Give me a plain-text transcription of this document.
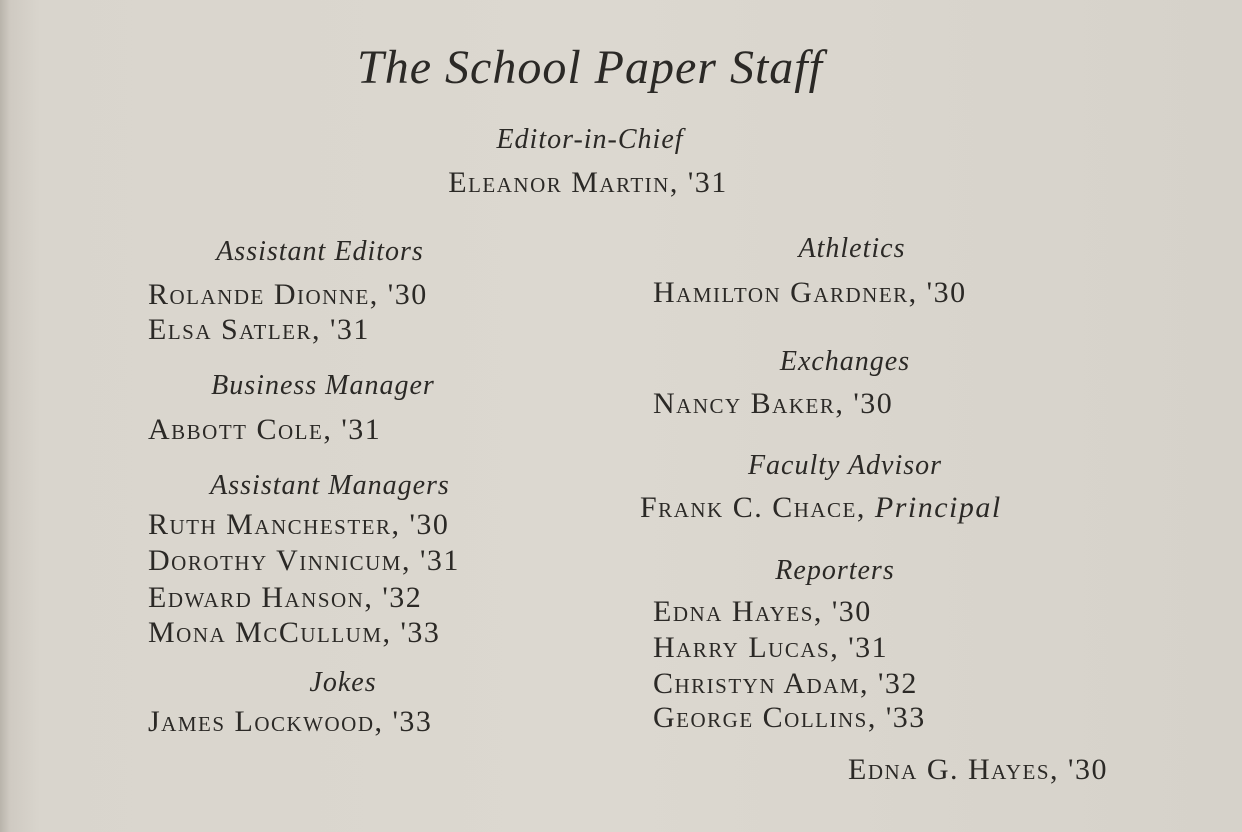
The School Paper Staff
Editor-in-Chief
Eleanor Martin, '31
Assistant Editors
Rolande Dionne, '30
Elsa Satler, '31
Business Manager
Abbott Cole, '31
Assistant Managers
Ruth Manchester, '30
Dorothy Vinnicum, '31
Edward Hanson, '32
Mona McCullum, '33
Jokes
James Lockwood, '33
Athletics
Hamilton Gardner, '30
Exchanges
Nancy Baker, '30
Faculty Advisor
Frank C. Chace, Principal
Reporters
Edna Hayes, '30
Harry Lucas, '31
Christyn Adam, '32
George Collins, '33
Edna G. Hayes, '30
